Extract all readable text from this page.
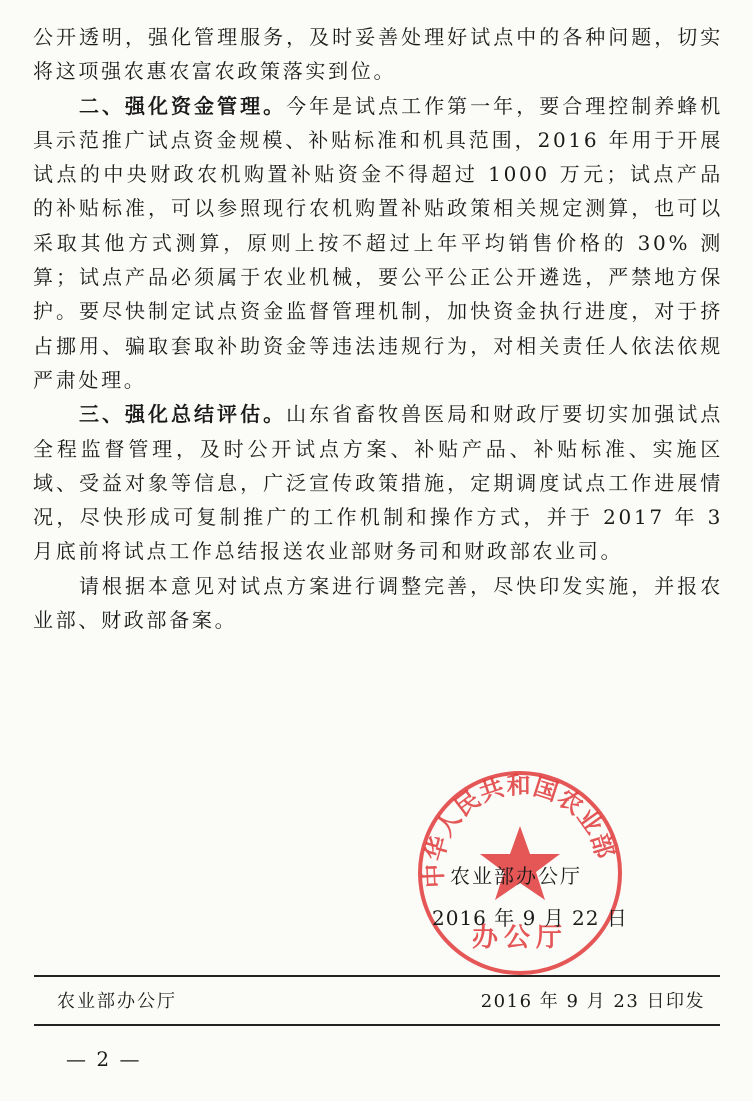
公开透明，强化管理服务，及时妥善处理好试点中的各种问题，切实将这项强农惠农富农政策落实到位。

二、强化资金管理。今年是试点工作第一年，要合理控制养蜂机具示范推广试点资金规模、补贴标准和机具范围，2016 年用于开展试点的中央财政农机购置补贴资金不得超过 1000 万元；试点产品的补贴标准，可以参照现行农机购置补贴政策相关规定测算，也可以采取其他方式测算，原则上按不超过上年平均销售价格的 30% 测算；试点产品必须属于农业机械，要公平公正公开遴选，严禁地方保护。要尽快制定试点资金监督管理机制，加快资金执行进度，对于挤占挪用、骗取套取补助资金等违法违规行为，对相关责任人依法依规严肃处理。

三、强化总结评估。山东省畜牧兽医局和财政厅要切实加强试点全程监督管理，及时公开试点方案、补贴产品、补贴标准、实施区域、受益对象等信息，广泛宣传政策措施，定期调度试点工作进展情况，尽快形成可复制推广的工作机制和操作方式，并于 2017 年 3 月底前将试点工作总结报送农业部财务司和财政部农业司。

请根据本意见对试点方案进行调整完善，尽快印发实施，并报农业部、财政部备案。

中华人民共和国农业部
办公厅
农业部办公厅
2016 年 9 月 22 日
农业部办公厅	2016 年 9 月 23 日印发
— 2 —
